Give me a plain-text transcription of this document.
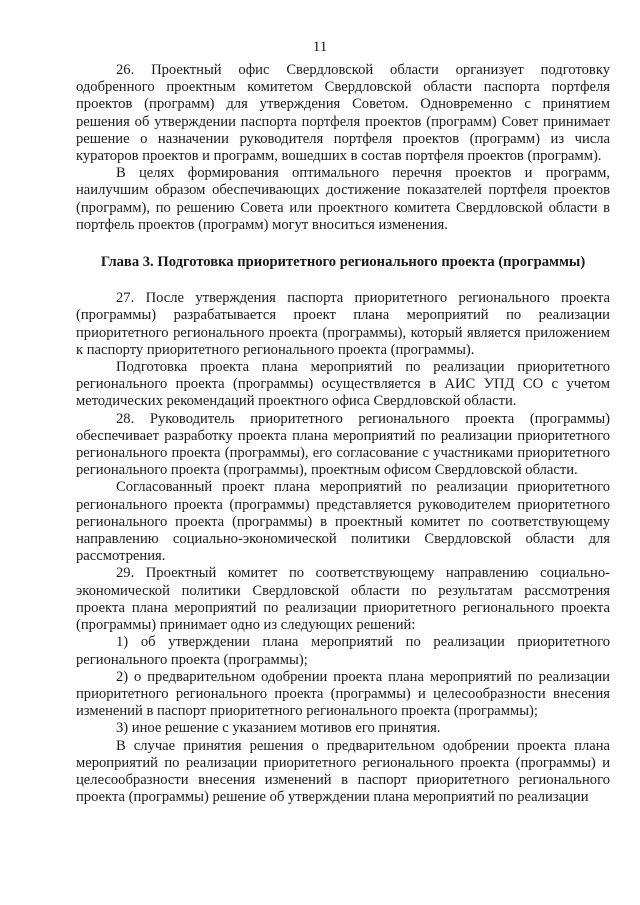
11

26. Проектный офис Свердловской области организует подготовку одобренного проектным комитетом Свердловской области паспорта портфеля проектов (программ) для утверждения Советом. Одновременно с принятием решения об утверждении паспорта портфеля проектов (программ) Совет принимает решение о назначении руководителя портфеля проектов (программ) из числа кураторов проектов и программ, вошедших в состав портфеля проектов (программ).

В целях формирования оптимального перечня проектов и программ, наилучшим образом обеспечивающих достижение показателей портфеля проектов (программ), по решению Совета или проектного комитета Свердловской области в портфель проектов (программ) могут вноситься изменения.

Глава 3. Подготовка приоритетного регионального проекта (программы)

27. После утверждения паспорта приоритетного регионального проекта (программы) разрабатывается проект плана мероприятий по реализации приоритетного регионального проекта (программы), который является приложением к паспорту приоритетного регионального проекта (программы).

Подготовка проекта плана мероприятий по реализации приоритетного регионального проекта (программы) осуществляется в АИС УПД СО с учетом методических рекомендаций проектного офиса Свердловской области.

28. Руководитель приоритетного регионального проекта (программы) обеспечивает разработку проекта плана мероприятий по реализации приоритетного регионального проекта (программы), его согласование с участниками приоритетного регионального проекта (программы), проектным офисом Свердловской области.

Согласованный проект плана мероприятий по реализации приоритетного регионального проекта (программы) представляется руководителем приоритетного регионального проекта (программы) в проектный комитет по соответствующему направлению социально-экономической политики Свердловской области для рассмотрения.

29. Проектный комитет по соответствующему направлению социально-экономической политики Свердловской области по результатам рассмотрения проекта плана мероприятий по реализации приоритетного регионального проекта (программы) принимает одно из следующих решений:

1) об утверждении плана мероприятий по реализации приоритетного регионального проекта (программы);

2) о предварительном одобрении проекта плана мероприятий по реализации приоритетного регионального проекта (программы) и целесообразности внесения изменений в паспорт приоритетного регионального проекта (программы);

3) иное решение с указанием мотивов его принятия.

В случае принятия решения о предварительном одобрении проекта плана мероприятий по реализации приоритетного регионального проекта (программы) и целесообразности внесения изменений в паспорт приоритетного регионального проекта (программы) решение об утверждении плана мероприятий по реализации
